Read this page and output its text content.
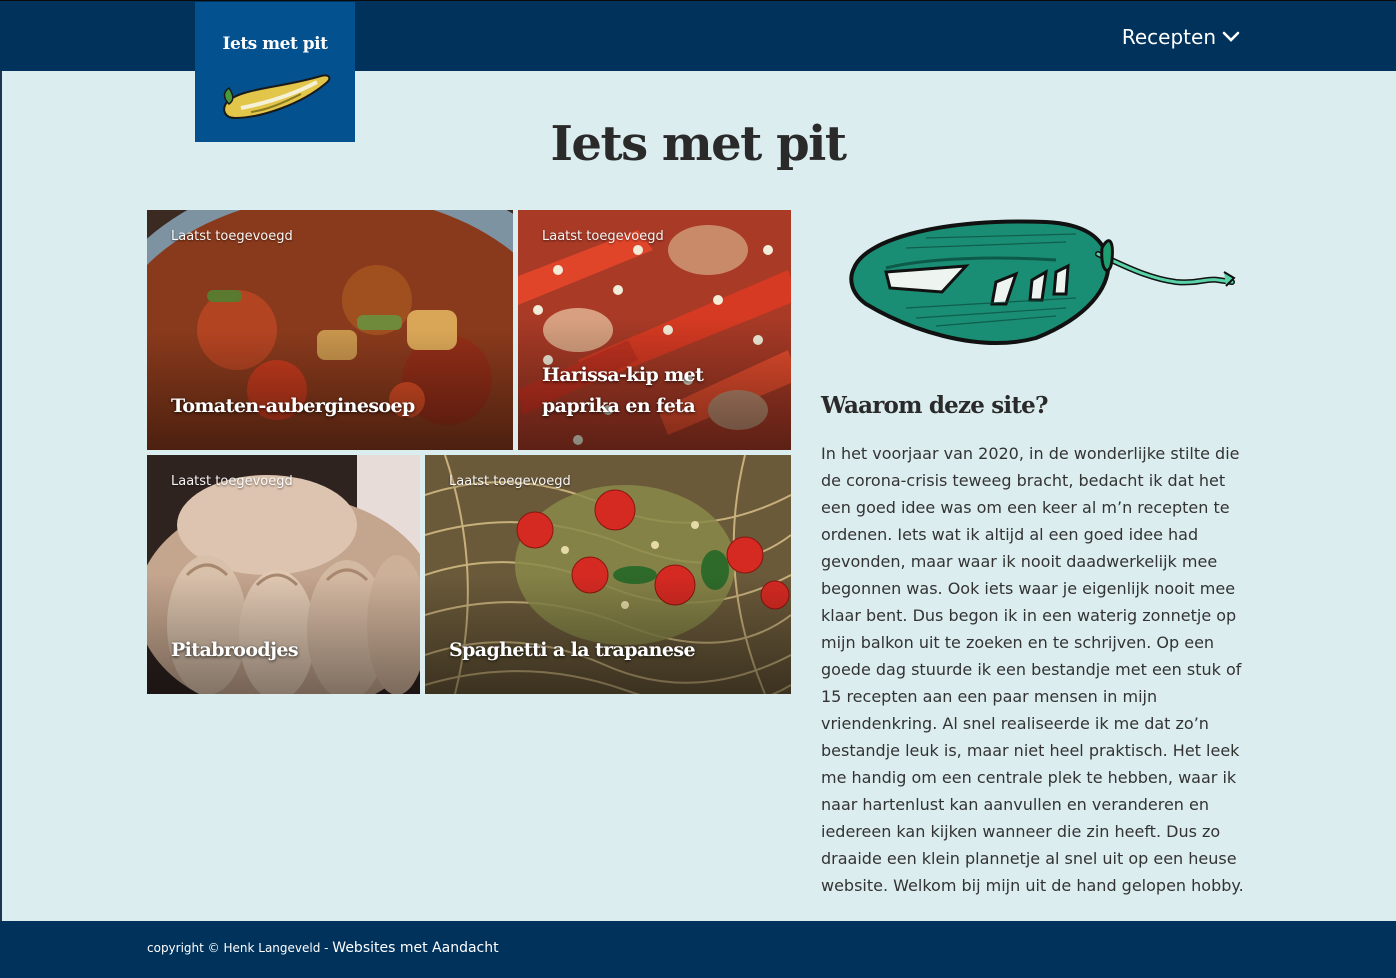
Iets met pit	Recepten
Iets met pit
Laatst toegevoegd
Tomaten-auberginesoep
Laatst toegevoegd
Harissa-kip met paprika en feta
Laatst toegevoegd
Pitabroodjes
Laatst toegevoegd
Spaghetti a la trapanese
Waarom deze site?

In het voorjaar van 2020, in de wonderlijke stilte die de corona-crisis teweeg bracht, bedacht ik dat het een goed idee was om een keer al m’n recepten te ordenen. Iets wat ik altijd al een goed idee had gevonden, maar waar ik nooit daadwerkelijk mee begonnen was. Ook iets waar je eigenlijk nooit mee klaar bent. Dus begon ik in een waterig zonnetje op mijn balkon uit te zoeken en te schrijven. Op een goede dag stuurde ik een bestandje met een stuk of 15 recepten aan een paar mensen in mijn vriendenkring. Al snel realiseerde ik me dat zo’n bestandje leuk is, maar niet heel praktisch. Het leek me handig om een centrale plek te hebben, waar ik naar hartenlust kan aanvullen en veranderen en iedereen kan kijken wanneer die zin heeft. Dus zo draaide een klein plannetje al snel uit op een heuse website. Welkom bij mijn uit de hand gelopen hobby.

copyright © Henk Langeveld - Websites met Aandacht
